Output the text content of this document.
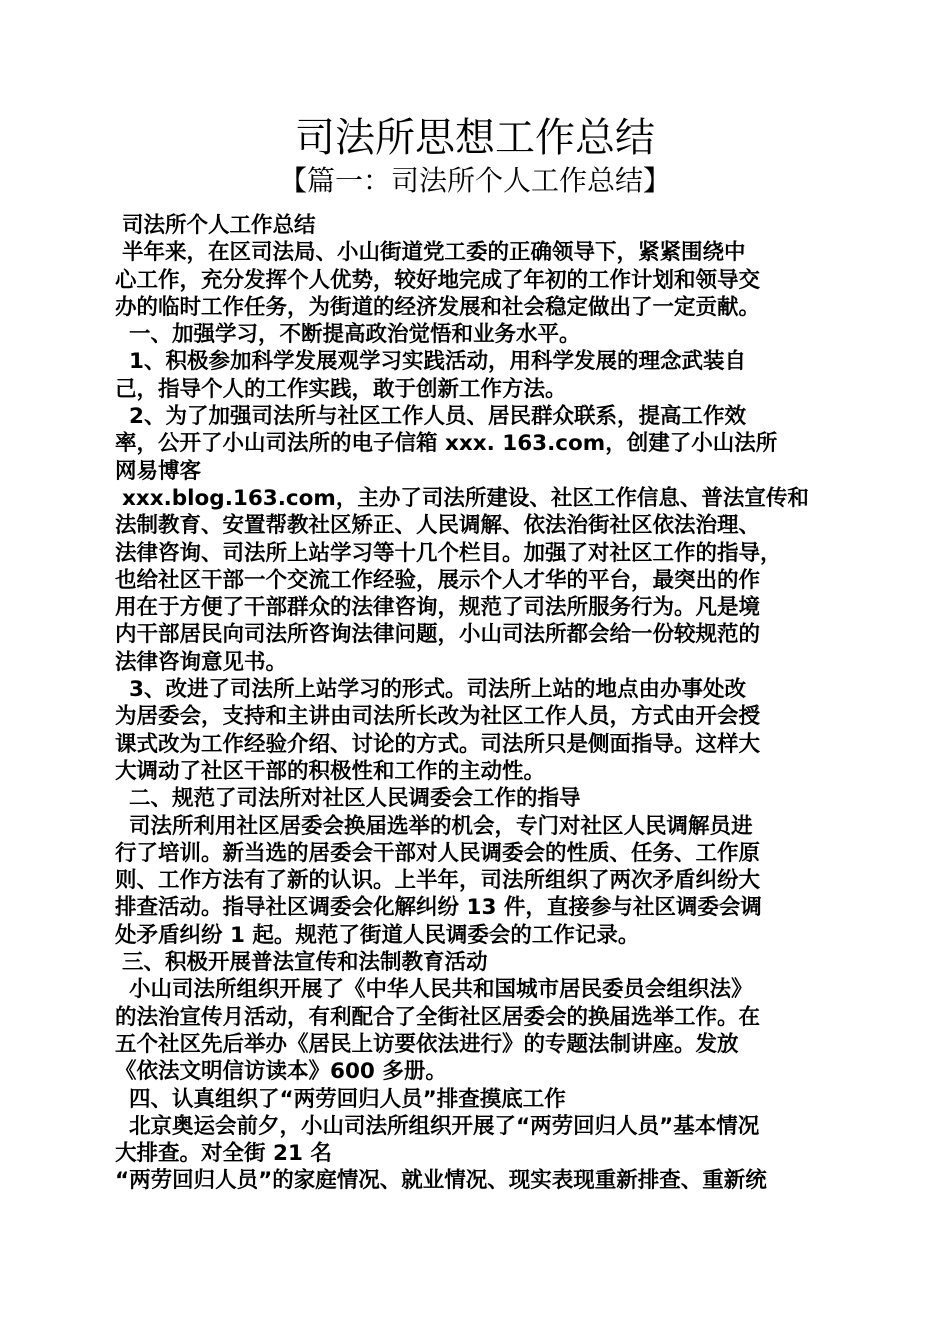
司法所思想工作总结
【篇一：司法所个人工作总结】
司法所个人工作总结
半年来，在区司法局、小山街道党工委的正确领导下，紧紧围绕中
心工作，充分发挥个人优势，较好地完成了年初的工作计划和领导交
办的临时工作任务，为街道的经济发展和社会稳定做出了一定贡献。
一、加强学习，不断提高政治觉悟和业务水平。
1、积极参加科学发展观学习实践活动，用科学发展的理念武装自
己，指导个人的工作实践，敢于创新工作方法。
2、为了加强司法所与社区工作人员、居民群众联系，提高工作效
率，公开了小山司法所的电子信箱 xxx. 163.com，创建了小山法所
网易博客
xxx.blog.163.com，主办了司法所建设、社区工作信息、普法宣传和
法制教育、安置帮教社区矫正、人民调解、依法治街社区依法治理、
法律咨询、司法所上站学习等十几个栏目。加强了对社区工作的指导，
也给社区干部一个交流工作经验，展示个人才华的平台，最突出的作
用在于方便了干部群众的法律咨询，规范了司法所服务行为。凡是境
内干部居民向司法所咨询法律问题，小山司法所都会给一份较规范的
法律咨询意见书。
3、改进了司法所上站学习的形式。司法所上站的地点由办事处改
为居委会，支持和主讲由司法所长改为社区工作人员，方式由开会授
课式改为工作经验介绍、讨论的方式。司法所只是侧面指导。这样大
大调动了社区干部的积极性和工作的主动性。
二、规范了司法所对社区人民调委会工作的指导
司法所利用社区居委会换届选举的机会，专门对社区人民调解员进
行了培训。新当选的居委会干部对人民调委会的性质、任务、工作原
则、工作方法有了新的认识。上半年，司法所组织了两次矛盾纠纷大
排查活动。指导社区调委会化解纠纷 13 件，直接参与社区调委会调
处矛盾纠纷 1 起。规范了街道人民调委会的工作记录。
三、积极开展普法宣传和法制教育活动
小山司法所组织开展了《中华人民共和国城市居民委员会组织法》
的法治宣传月活动，有利配合了全街社区居委会的换届选举工作。在
五个社区先后举办《居民上访要依法进行》的专题法制讲座。发放
《依法文明信访读本》600 多册。
四、认真组织了“两劳回归人员”排查摸底工作
北京奥运会前夕，小山司法所组织开展了“两劳回归人员”基本情况
大排查。对全街 21 名
“两劳回归人员”的家庭情况、就业情况、现实表现重新排查、重新统
